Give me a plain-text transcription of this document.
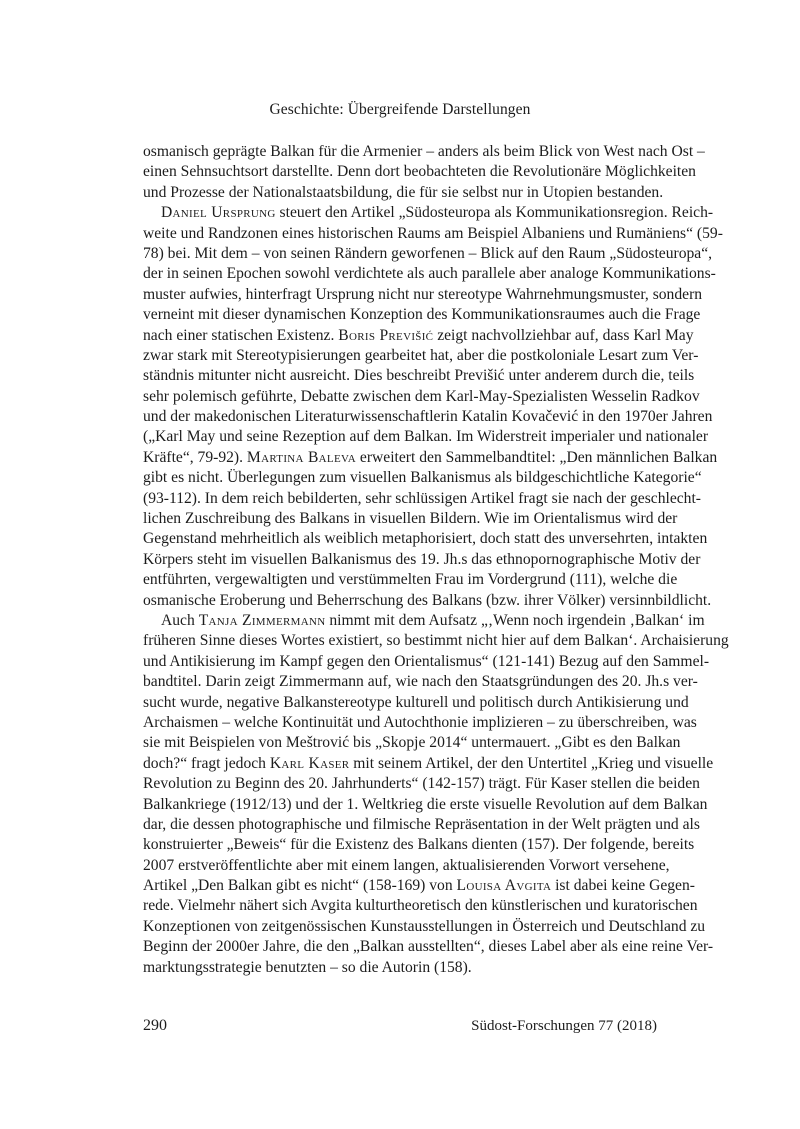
Geschichte: Übergreifende Darstellungen
osmanisch geprägte Balkan für die Armenier – anders als beim Blick von West nach Ost –
einen Sehnsuchtsort darstellte. Denn dort beobachteten die Revolutionäre Möglichkeiten
und Prozesse der Nationalstaatsbildung, die für sie selbst nur in Utopien bestanden.
Daniel Ursprung steuert den Artikel „Südosteuropa als Kommunikationsregion. Reich-
weite und Randzonen eines historischen Raums am Beispiel Albaniens und Rumäniens“ (59-
78) bei. Mit dem – von seinen Rändern geworfenen – Blick auf den Raum „Südosteuropa“,
der in seinen Epochen sowohl verdichtete als auch parallele aber analoge Kommunikations-
muster aufwies, hinterfragt Ursprung nicht nur stereotype Wahrnehmungsmuster, sondern
verneint mit dieser dynamischen Konzeption des Kommunikationsraumes auch die Frage
nach einer statischen Existenz. Boris Previšić zeigt nachvollziehbar auf, dass Karl May
zwar stark mit Stereotypisierungen gearbeitet hat, aber die postkoloniale Lesart zum Ver-
ständnis mitunter nicht ausreicht. Dies beschreibt Previšić unter anderem durch die, teils
sehr polemisch geführte, Debatte zwischen dem Karl-May-Spezialisten Wesselin Radkov
und der makedonischen Literaturwissenschaftlerin Katalin Kovačević in den 1970er Jahren
(„Karl May und seine Rezeption auf dem Balkan. Im Widerstreit imperialer und nationaler
Kräfte“, 79-92). Martina Baleva erweitert den Sammelbandtitel: „Den männlichen Balkan
gibt es nicht. Überlegungen zum visuellen Balkanismus als bildgeschichtliche Kategorie“
(93-112). In dem reich bebilderten, sehr schlüssigen Artikel fragt sie nach der geschlecht-
lichen Zuschreibung des Balkans in visuellen Bildern. Wie im Orientalismus wird der
Gegenstand mehrheitlich als weiblich metaphorisiert, doch statt des unversehrten, intakten
Körpers steht im visuellen Balkanismus des 19. Jh.s das ethnopornographische Motiv der
entführten, vergewaltigten und verstümmelten Frau im Vordergrund (111), welche die
osmanische Eroberung und Beherrschung des Balkans (bzw. ihrer Völker) versinnbildlicht.
Auch Tanja Zimmermann nimmt mit dem Aufsatz „‚Wenn noch irgendein ‚Balkan‘ im
früheren Sinne dieses Wortes existiert, so bestimmt nicht hier auf dem Balkan‘. Archaisierung
und Antikisierung im Kampf gegen den Orientalismus“ (121-141) Bezug auf den Sammel-
bandtitel. Darin zeigt Zimmermann auf, wie nach den Staatsgründungen des 20. Jh.s ver-
sucht wurde, negative Balkanstereotype kulturell und politisch durch Antikisierung und
Archaismen – welche Kontinuität und Autochthonie implizieren – zu überschreiben, was
sie mit Beispielen von Meštrović bis „Skopje 2014“ untermauert. „Gibt es den Balkan
doch?“ fragt jedoch Karl Kaser mit seinem Artikel, der den Untertitel „Krieg und visuelle
Revolution zu Beginn des 20. Jahrhunderts“ (142-157) trägt. Für Kaser stellen die beiden
Balkankriege (1912/13) und der 1. Weltkrieg die erste visuelle Revolution auf dem Balkan
dar, die dessen photographische und filmische Repräsentation in der Welt prägten und als
konstruierter „Beweis“ für die Existenz des Balkans dienten (157). Der folgende, bereits
2007 erstveröffentlichte aber mit einem langen, aktualisierenden Vorwort versehene,
Artikel „Den Balkan gibt es nicht“ (158-169) von Louisa Avgita ist dabei keine Gegen-
rede. Vielmehr nähert sich Avgita kulturtheoretisch den künstlerischen und kuratorischen
Konzeptionen von zeitgenössischen Kunstausstellungen in Österreich und Deutschland zu
Beginn der 2000er Jahre, die den „Balkan ausstellten“, dieses Label aber als eine reine Ver-
marktungsstrategie benutzten – so die Autorin (158).
290	Südost-Forschungen 77 (2018)
